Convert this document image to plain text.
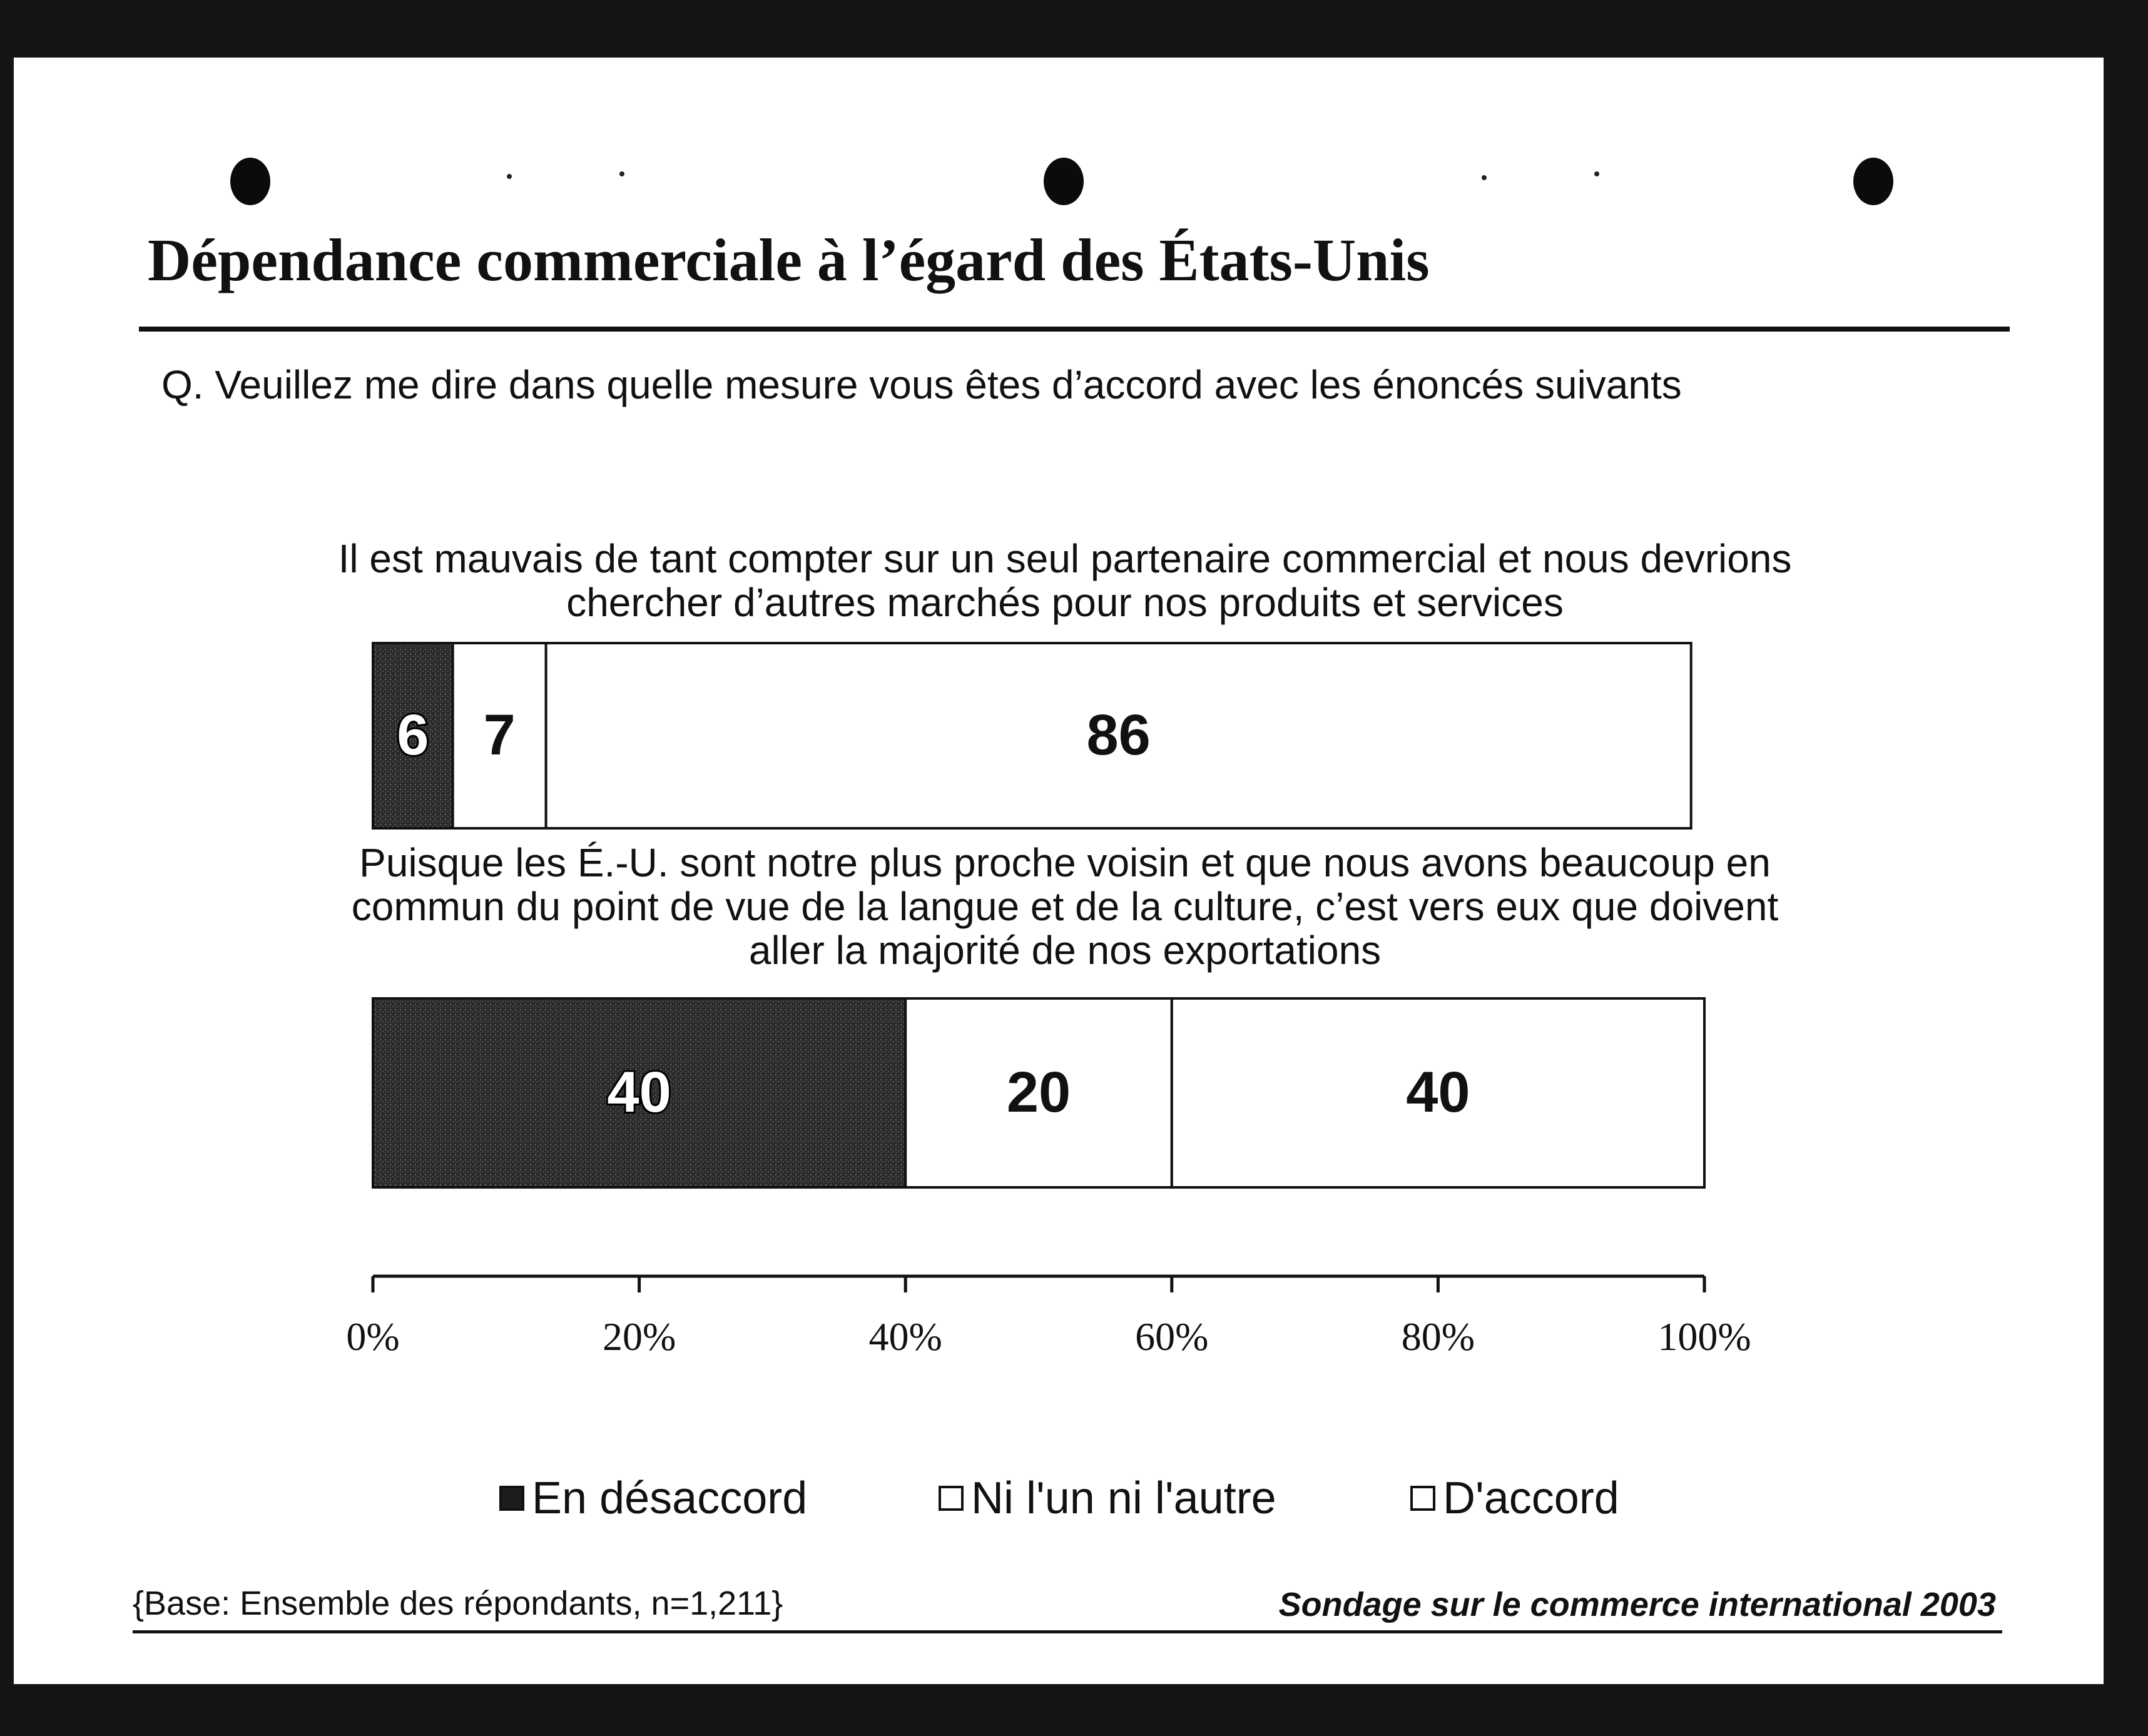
Dépendance commerciale à l’égard des États-Unis
Q. Veuillez me dire dans quelle mesure vous êtes d’accord avec les énoncés suivants
Il est mauvais de tant compter sur un seul partenaire commercial et nous devrions
chercher d’autres marchés pour nos produits et services
Puisque les É.-U. sont notre plus proche voisin et que nous avons beaucoup en
commun du point de vue de la langue et de la culture, c’est vers eux que doivent
aller la majorité de nos exportations
6 7	86
40	20	40
0%	20%	40%	60%	80%	100%
En désaccord	Ni l'un ni l'autre	D'accord
{Base: Ensemble des répondants, n=1,211}	Sondage sur le commerce international 2003
